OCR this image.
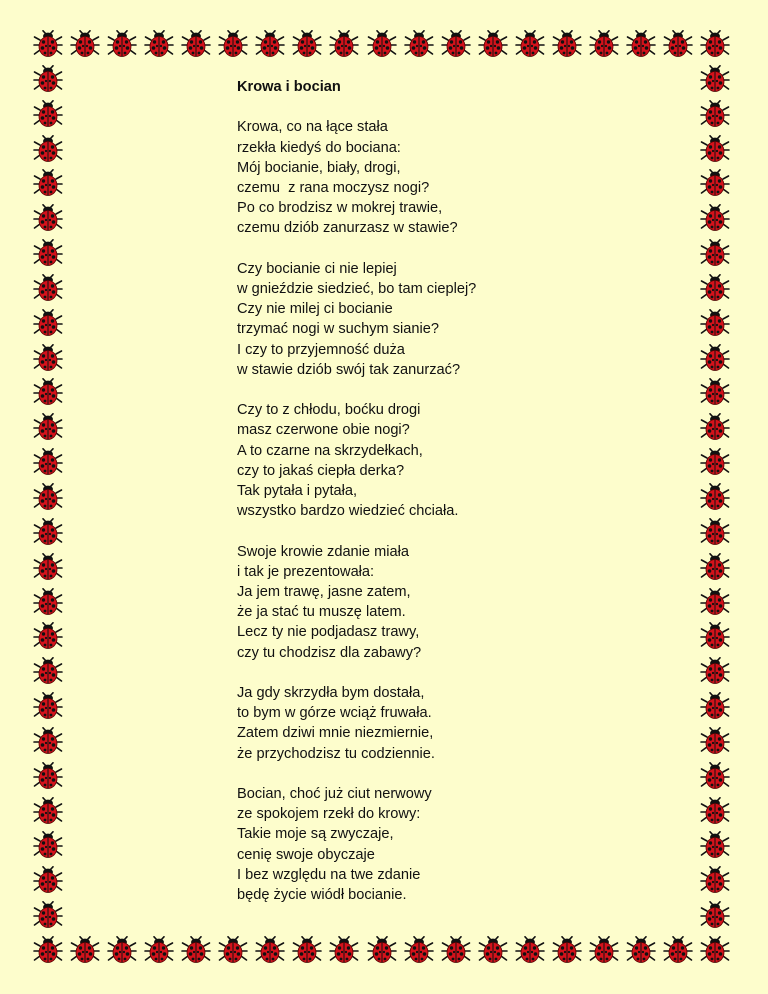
Krowa i bocian
Krowa, co na łące stała
rzekła kiedyś do bociana:
Mój bocianie, biały, drogi,
czemu  z rana moczysz nogi?
Po co brodzisz w mokrej trawie,
czemu dziób zanurzasz w stawie?
Czy bocianie ci nie lepiej
w gnieździe siedzieć, bo tam cieplej?
Czy nie milej ci bocianie
trzymać nogi w suchym sianie?
I czy to przyjemność duża
w stawie dziób swój tak zanurzać?
Czy to z chłodu, boćku drogi
masz czerwone obie nogi?
A to czarne na skrzydełkach,
czy to jakaś ciepła derka?
Tak pytała i pytała,
wszystko bardzo wiedzieć chciała.
Swoje krowie zdanie miała
i tak je prezentowała:
Ja jem trawę, jasne zatem,
że ja stać tu muszę latem.
Lecz ty nie podjadasz trawy,
czy tu chodzisz dla zabawy?
Ja gdy skrzydła bym dostała,
to bym w górze wciąż fruwała.
Zatem dziwi mnie niezmiernie,
że przychodzisz tu codziennie.
Bocian, choć już ciut nerwowy
ze spokojem rzekł do krowy:
Takie moje są zwyczaje,
cenię swoje obyczaje
I bez względu na twe zdanie
będę życie wiódł bocianie.
